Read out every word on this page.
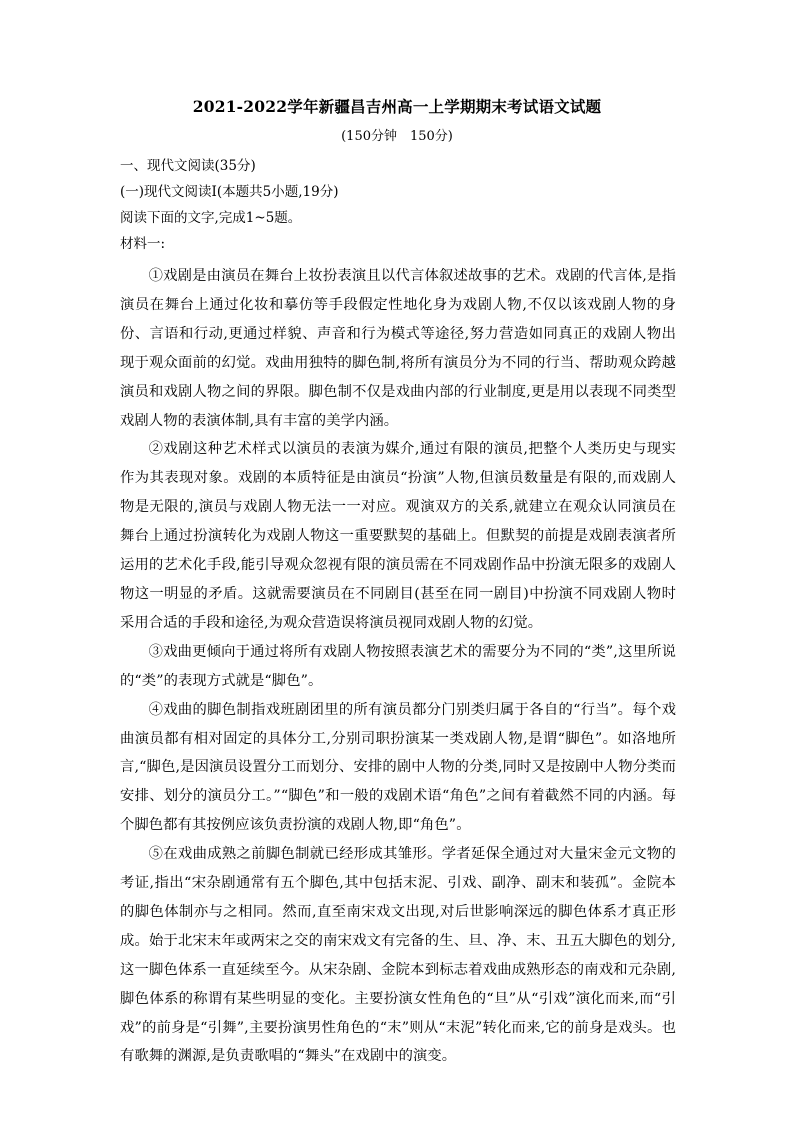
2021-2022学年新疆昌吉州高一上学期期末考试语文试题
(150分钟　150分)
一、现代文阅读(35分)
(一)现代文阅读Ⅰ(本题共5小题,19分)
阅读下面的文字,完成1~5题。
材料一:

①戏剧是由演员在舞台上妆扮表演且以代言体叙述故事的艺术。戏剧的代言体,是指演员在舞台上通过化妆和摹仿等手段假定性地化身为戏剧人物,不仅以该戏剧人物的身份、言语和行动,更通过样貌、声音和行为模式等途径,努力营造如同真正的戏剧人物出现于观众面前的幻觉。戏曲用独特的脚色制,将所有演员分为不同的行当、帮助观众跨越演员和戏剧人物之间的界限。脚色制不仅是戏曲内部的行业制度,更是用以表现不同类型戏剧人物的表演体制,具有丰富的美学内涵。

②戏剧这种艺术样式以演员的表演为媒介,通过有限的演员,把整个人类历史与现实作为其表现对象。戏剧的本质特征是由演员“扮演”人物,但演员数量是有限的,而戏剧人物是无限的,演员与戏剧人物无法一一对应。观演双方的关系,就建立在观众认同演员在舞台上通过扮演转化为戏剧人物这一重要默契的基础上。但默契的前提是戏剧表演者所运用的艺术化手段,能引导观众忽视有限的演员需在不同戏剧作品中扮演无限多的戏剧人物这一明显的矛盾。这就需要演员在不同剧目(甚至在同一剧目)中扮演不同戏剧人物时采用合适的手段和途径,为观众营造误将演员视同戏剧人物的幻觉。

③戏曲更倾向于通过将所有戏剧人物按照表演艺术的需要分为不同的“类”,这里所说的“类”的表现方式就是“脚色”。

④戏曲的脚色制指戏班剧团里的所有演员都分门别类归属于各自的“行当”。每个戏曲演员都有相对固定的具体分工,分别司职扮演某一类戏剧人物,是谓“脚色”。如洛地所言,“脚色,是因演员设置分工而划分、安排的剧中人物的分类,同时又是按剧中人物分类而安排、划分的演员分工。”“脚色”和一般的戏剧术语“角色”之间有着截然不同的内涵。每个脚色都有其按例应该负责扮演的戏剧人物,即“角色”。

⑤在戏曲成熟之前脚色制就已经形成其雏形。学者延保全通过对大量宋金元文物的考证,指出“宋杂剧通常有五个脚色,其中包括末泥、引戏、副净、副末和装孤”。金院本的脚色体制亦与之相同。然而,直至南宋戏文出现,对后世影响深远的脚色体系才真正形成。始于北宋末年或两宋之交的南宋戏文有完备的生、旦、净、末、丑五大脚色的划分,这一脚色体系一直延续至今。从宋杂剧、金院本到标志着戏曲成熟形态的南戏和元杂剧,脚色体系的称谓有某些明显的变化。主要扮演女性角色的“旦”从“引戏”演化而来,而“引戏”的前身是“引舞”,主要扮演男性角色的“末”则从“末泥”转化而来,它的前身是戏头。也有歌舞的渊源,是负责歌唱的“舞头”在戏剧中的演变。
